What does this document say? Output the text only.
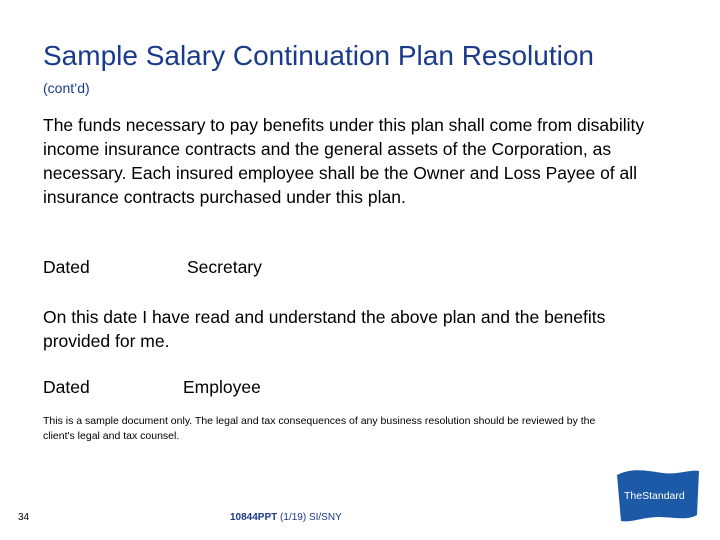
Sample Salary Continuation Plan Resolution
(cont’d)
The funds necessary to pay benefits under this plan shall come from disability income insurance contracts and the general assets of the Corporation, as necessary. Each insured employee shall be the Owner and Loss Payee of all insurance contracts purchased under this plan.
Dated	Secretary
On this date I have read and understand the above plan and the benefits provided for me.
Dated	Employee
This is a sample document only. The legal and tax consequences of any business resolution should be reviewed by the client's legal and tax counsel.
34	10844PPT (1/19) SI/SNY
TheStandard
